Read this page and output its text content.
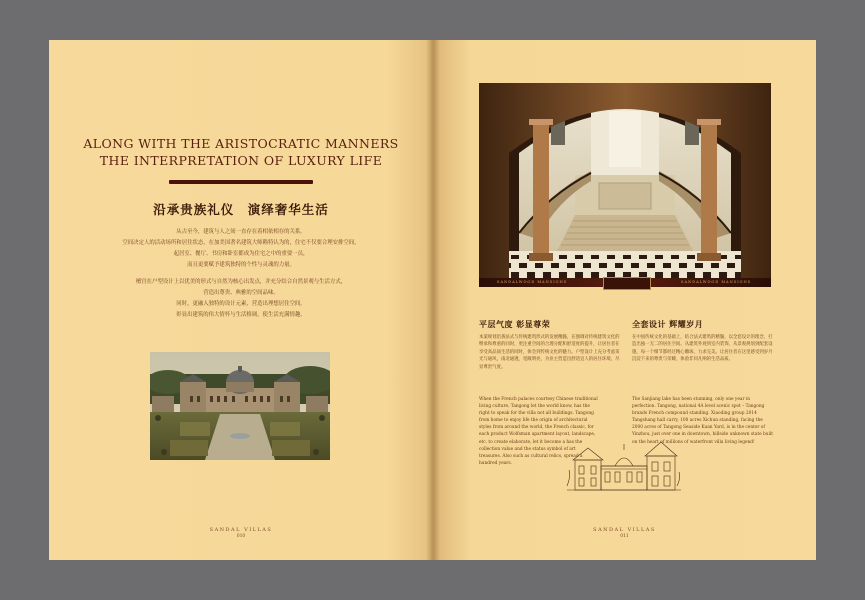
ALONG WITH THE ARISTOCRATIC MANNERS
THE INTERPRETATION OF LUXURY LIFE
沿承贵族礼仪　演绎奢华生活

从古至今，建筑与人之间一直存在着相依相存的关系。

空间决定人的活动场所和居住状态，在加美国著名建筑大师赖特认为的，住宅不仅要合理安排空间，

起居室、餐厅、书房和卧室都成为住宅之中的重要一员，

而且更要赋予建筑独特的个性与灵魂的力量。

檀宫在户型设计上以优美的形式与自然为核心出发点，并充分结合自然景观与生活方式，

营造出尊贵、典雅的空间品味。

同时，更融入独特的设计元素，营造出理想居住空间。

彰显出建筑的伟大情怀与生活格调，使生活充满情趣。

SANDAL VILLAS
010
SANDALWOOD MANSIONS	SANDALWOOD MANSIONS
平层气度 彰显尊荣
本案规划沿袭法式与传统建筑形式的发展精髓，在强调对传统建筑文化的继承和尊重的同时，更注重空间的合理分配和舒适度的提升，让居住者在享受高品质生活的同时，体会到传统文化的魅力。户型设计上充分考虑采光与通风，南北通透，宽敞明亮，为业主营造出舒适宜人的居住环境，尽显尊贵气度。
When the French palaces courtesy Chinese traditional living culture, Tangong let the world know, has the right to speak for the villa not all buildings. Tangong from home to enjoy life the origin of architectural styles from around the world, the French classic, for each product Wolfsman apartment layout, landscape, etc. to create elaborate, let it become a has the collection value and the status symbol of art treasures. Also such as cultural relics, spread a hundred years.
全套设计 辉耀岁月
在中国传统文化的基础上，结合法式建筑的精髓，以全套设计的理念，打造出独一无二的居住空间。从建筑外观到室内装饰，从景观规划到配套设施，每一个细节都经过精心雕琢，力求完美。让居住者在这里感受到岁月沉淀下来的尊贵与荣耀，体验非同凡响的生活品质。
The Sanjiang lake has been stunning, only one year in perfection. Tangong, national 4A level scenic spot – Tangong brands French compound standing. Xiaoding group 2014 Tangshang hall carry, 100 acres Xichun standing, facing the 2000 acres of Tangong Seaside Kuan Yard, is in the center of Yinzhou, just over one in downtown, hillside unknown state built on the heart of millions of waterfront villa living legend!
SANDAL VILLAS
011
